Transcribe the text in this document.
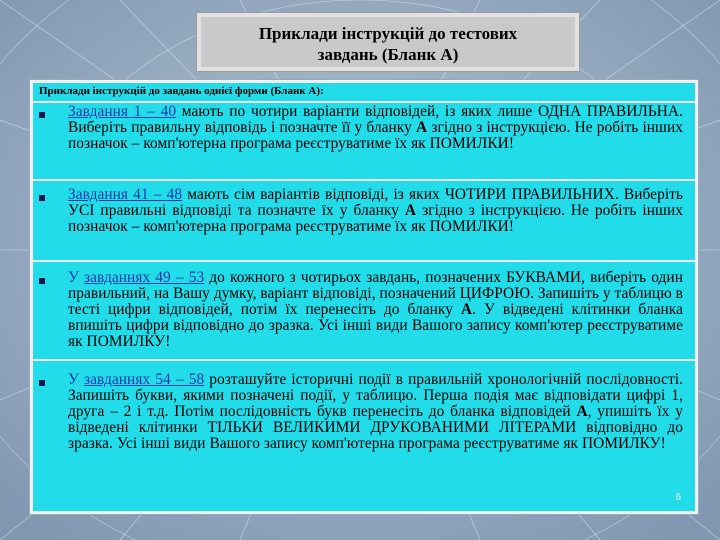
Приклади інструкцій до тестових
завдань (Бланк А)
Приклади інструкцій до завдань однієї форми (Бланк А):
Завдання 1 – 40 мають по чотири варіанти відповідей, із яких лише ОДНА ПРАВИЛЬНА. Виберіть правильну відповідь і позначте її у бланку А згідно з інструкцією. Не робіть інших позначок – комп'ютерна програма реєструватиме їх як ПОМИЛКИ!
Завдання 41 – 48 мають сім варіантів відповіді, із яких ЧОТИРИ ПРАВИЛЬНИХ. Виберіть УСІ правильні відповіді та позначте їх у бланку А згідно з інструкцією. Не робіть інших позначок – комп'ютерна програма реєструватиме їх як ПОМИЛКИ!
У завданнях 49 – 53 до кожного з чотирьох завдань, позначених БУКВАМИ, виберіть один правильний, на Вашу думку, варіант відповіді, позначений ЦИФРОЮ. Запишіть у таблицю в тесті цифри відповідей, потім їх перенесіть до бланку А. У відведені клітинки бланка впишіть цифри відповідно до зразка. Усі інші види Вашого запису комп'ютер реєструватиме як ПОМИЛКУ!
У завданнях 54 – 58 розташуйте історичні події в правильній хронологічній послідовності. Запишіть букви, якими позначені події, у таблицю. Перша подія має відповідати цифрі 1, друга – 2 і т.д. Потім послідовність букв перенесіть до бланка відповідей А, упишіть їх у відведені клітинки ТІЛЬКИ ВЕЛИКИМИ ДРУКОВАНИМИ ЛІТЕРАМИ відповідно до зразка. Усі інші види Вашого запису комп'ютерна програма реєструватиме як ПОМИЛКУ!
6
